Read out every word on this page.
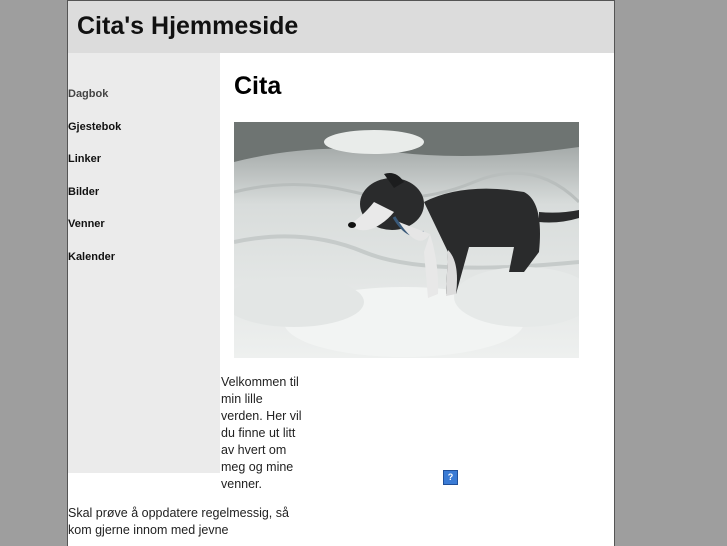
Cita's Hjemmeside
Dagbok
Gjestebok
Linker
Bilder
Venner
Kalender
Cita

Velkommen til
min lille
verden. Her vil
du finne ut litt
av hvert om
meg og mine
venner.

Skal prøve å oppdatere regelmessig, så
kom gjerne innom med jevne

?
